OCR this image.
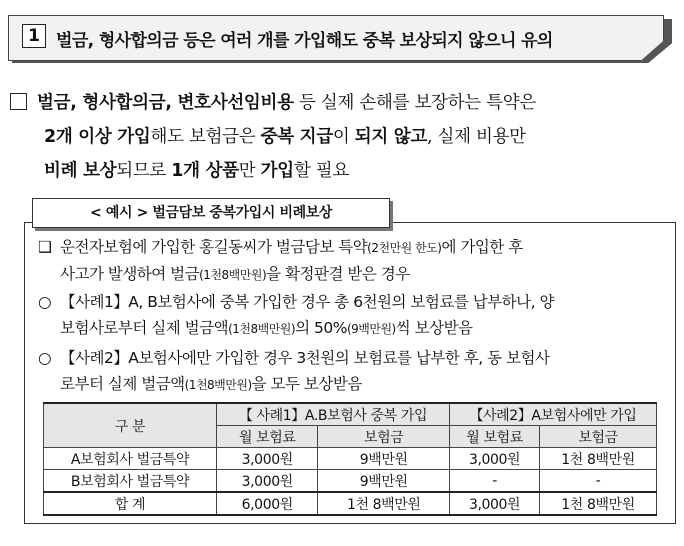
1 벌금, 형사합의금 등은 여러 개를 가입해도 중복 보상되지 않으니 유의
벌금, 형사합의금, 변호사선임비용 등 실제 손해를 보장하는 특약은
2개 이상 가입해도 보험금은 중복 지급이 되지 않고, 실제 비용만
비례 보상되므로 1개 상품만 가입할 필요
< 예시 > 벌금담보 중복가입시 비례보상
❑ 운전자보험에 가입한 홍길동씨가 벌금담보 특약(2천만원 한도)에 가입한 후
사고가 발생하여 벌금(1천8백만원)을 확정판결 받은 경우
○ 【사례1】A, B보험사에 중복 가입한 경우 총 6천원의 보험료를 납부하나, 양
보험사로부터 실제 벌금액(1천8백만원)의 50%(9백만원)씩 보상받음
○ 【사례2】A보험사에만 가입한 경우 3천원의 보험료를 납부한 후, 동 보험사
로부터 실제 벌금액(1천8백만원)을 모두 보상받음
구 분	【 사례1】A.B보험사 중복 가입		【사례2】A보험사에만 가입	
	월 보험료	보험금	월 보험료	보험금
A보험회사 벌금특약	3,000원	9백만원	3,000원	1천 8백만원
B보험회사 벌금특약	3,000원	9백만원	-	-
합 계	6,000원	1천 8백만원	3,000원	1천 8백만원
